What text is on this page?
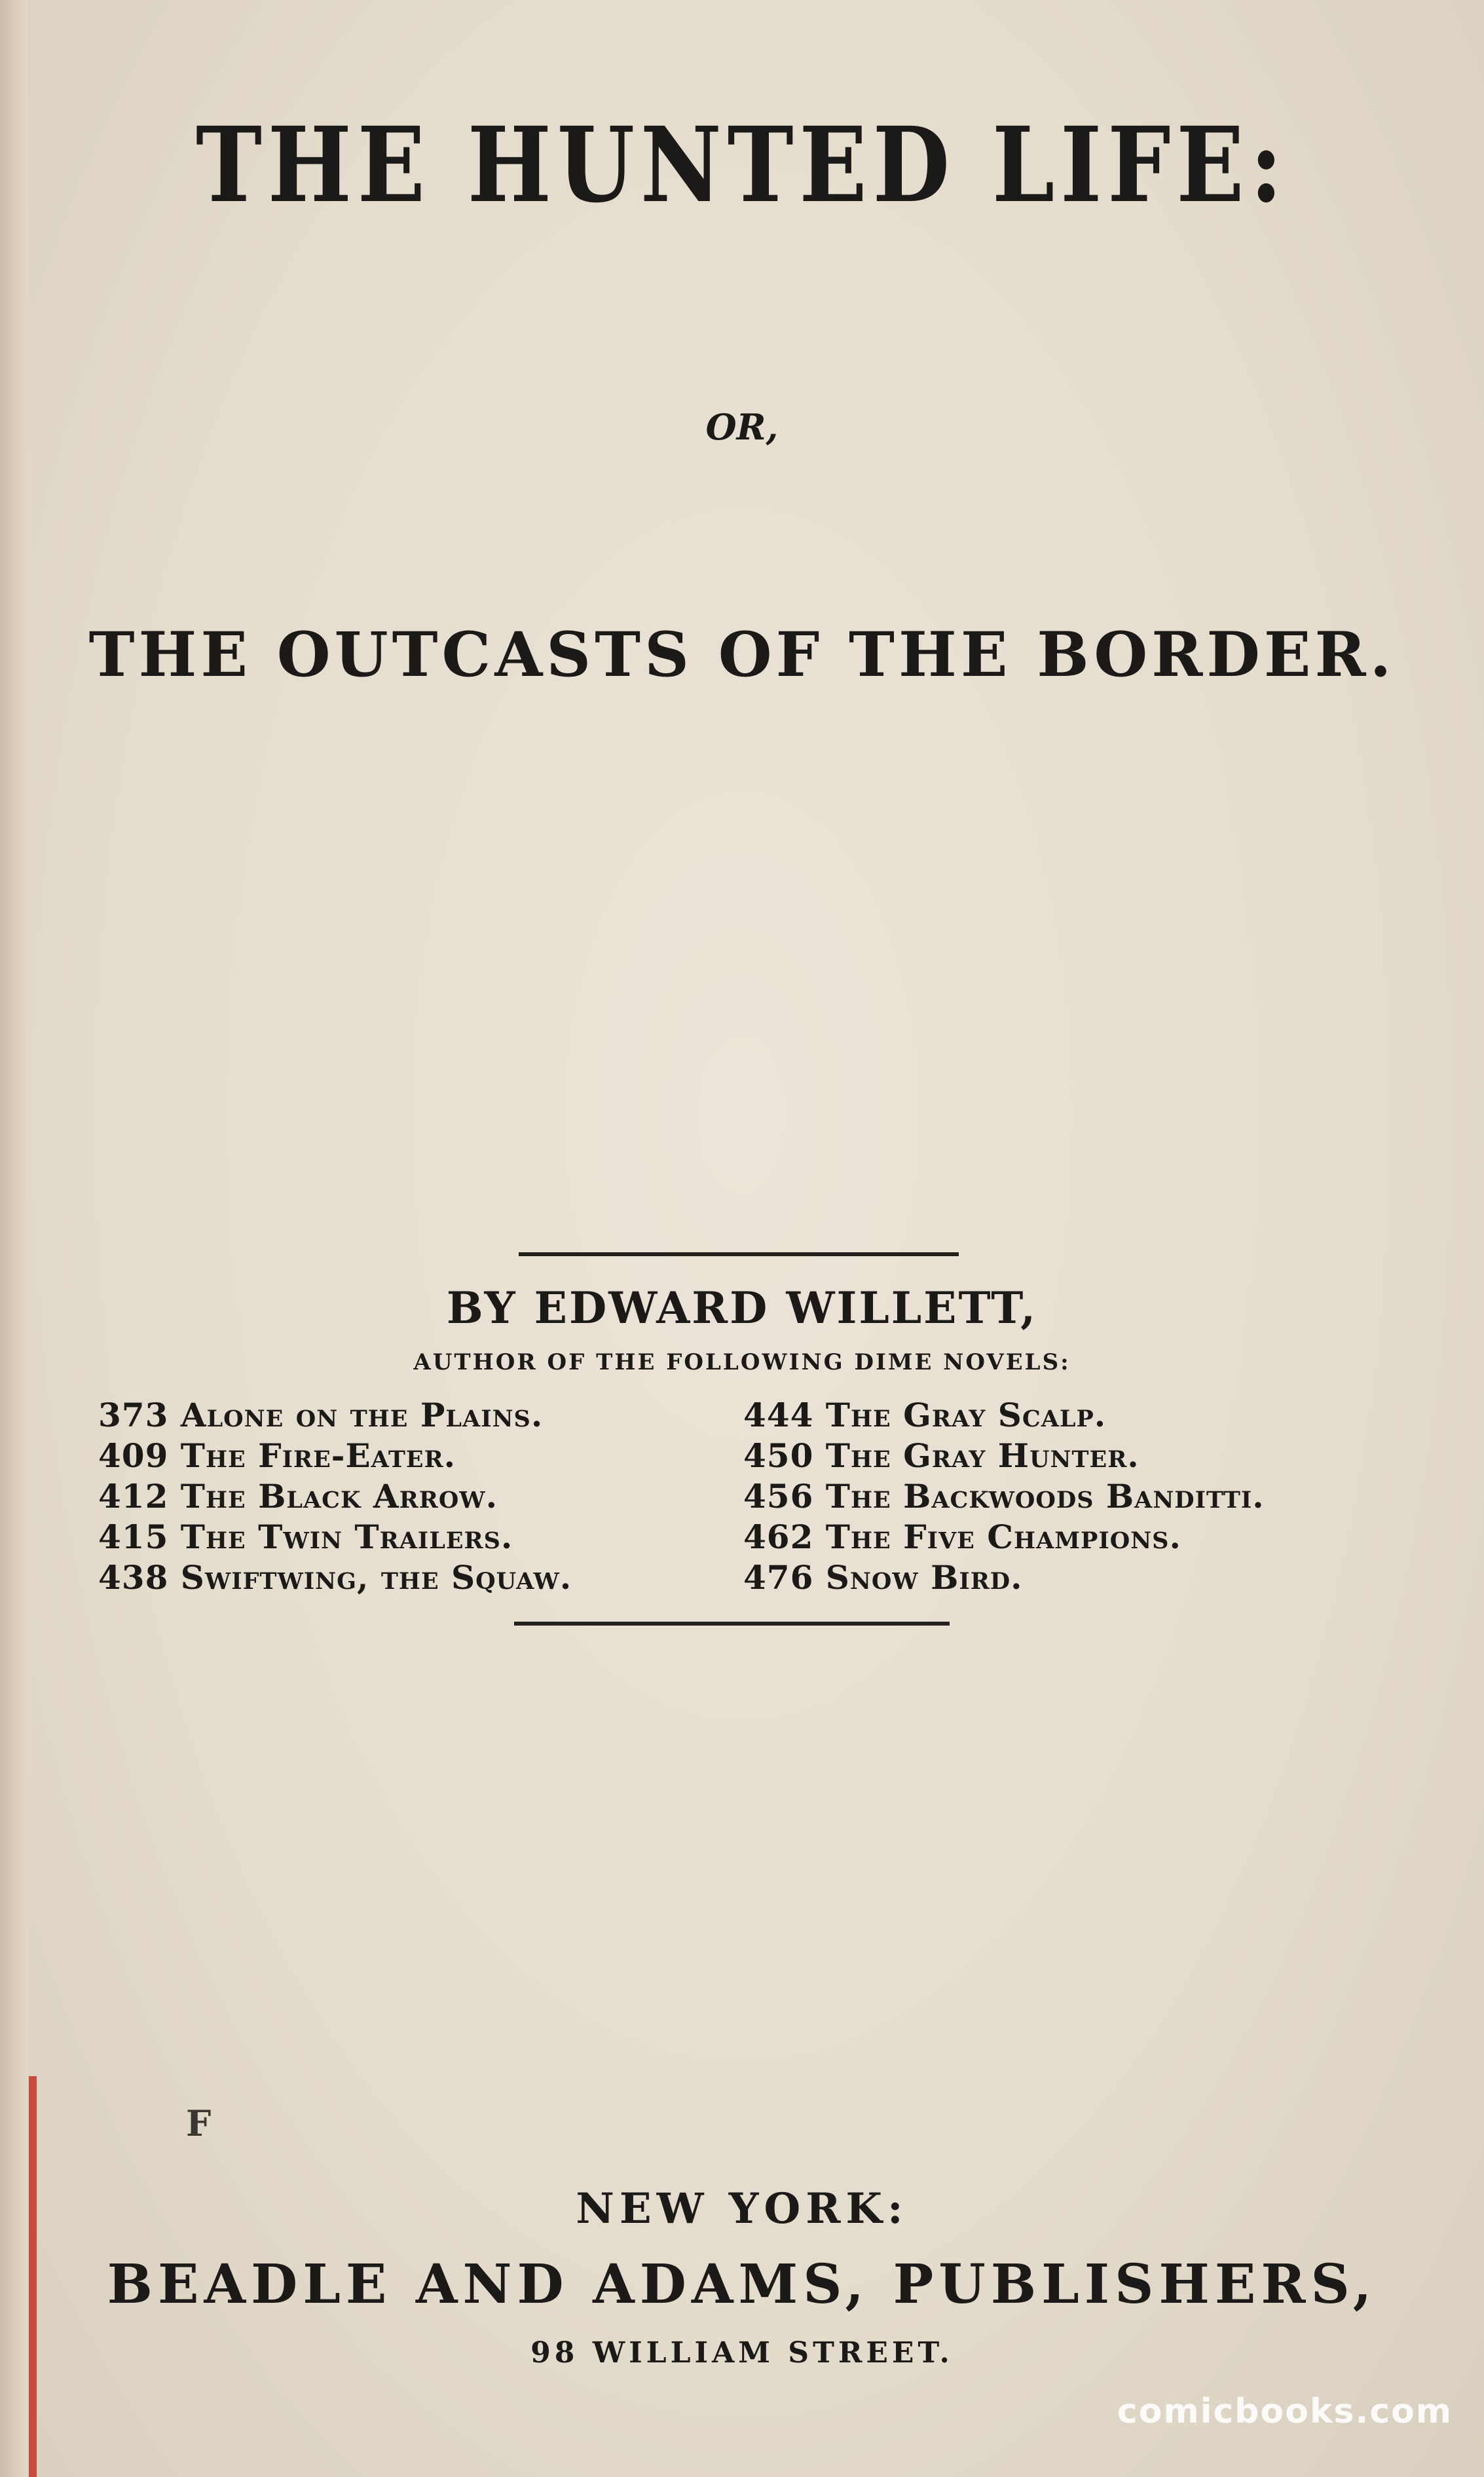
THE HUNTED LIFE:
OR,
THE OUTCASTS OF THE BORDER.
BY EDWARD WILLETT,
AUTHOR OF THE FOLLOWING DIME NOVELS:
373 Alone on the Plains.	444 The Gray Scalp.
409 The Fire-Eater.	450 The Gray Hunter.
412 The Black Arrow.	456 The Backwoods Banditti.
415 The Twin Trailers.	462 The Five Champions.
438 Swiftwing, the Squaw.	476 Snow Bird.
F
NEW YORK:
BEADLE AND ADAMS, PUBLISHERS,
98 WILLIAM STREET.
comicbooks.com
